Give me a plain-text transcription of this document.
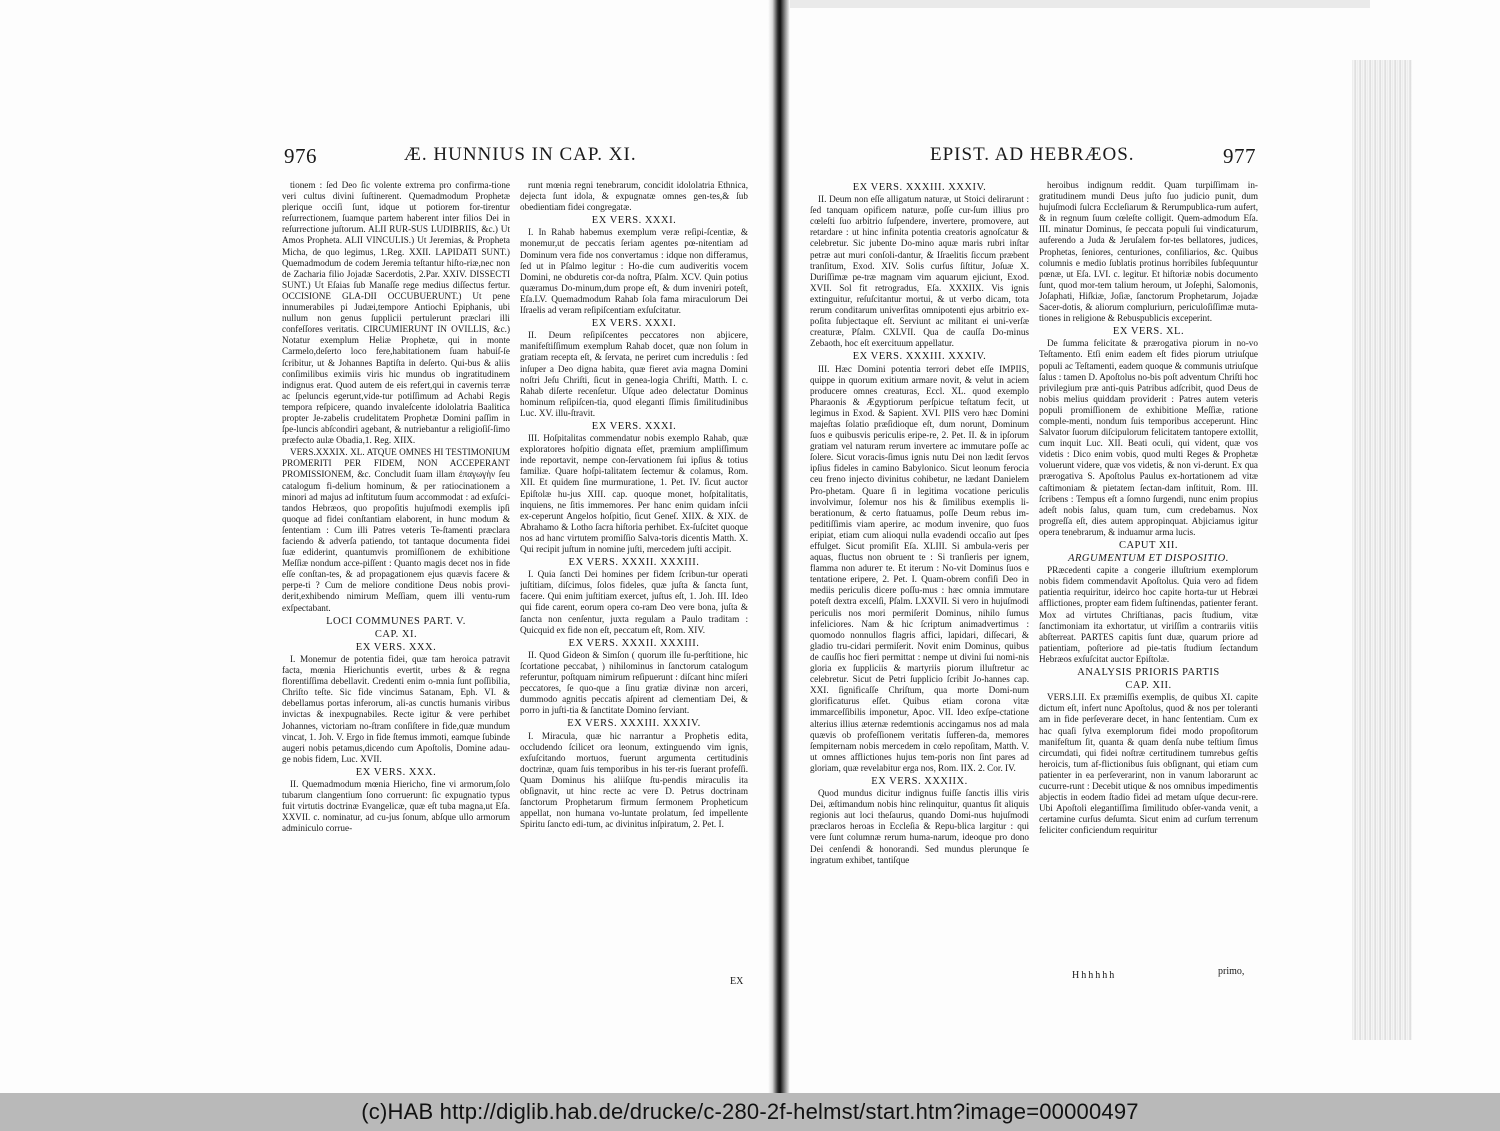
976	Æ. HUNNIUS IN CAP. XI.

tionem : ſed Deo ſic volente extrema pro confirma-tione veri cultus divini ſuſtinerent. Quemadmodum Prophetæ plerique occiſi ſunt, idque ut potiorem for-tirentur reſurrectionem, ſuamque partem haberent inter filios Dei in reſurrectione juſtorum. ALII RUR-SUS LUDIBRIIS, &c.) Ut Amos Propheta. ALII VINCULIS.) Ut Jeremias, & Propheta Micha, de quo legimus, 1.Reg. XXII. LAPIDATI SUNT.) Quemadmodum de codem Jeremia teſtantur hiſto-riæ,nec non de Zacharia filio Jojadæ Sacerdotis, 2.Par. XXIV. DISSECTI SUNT.) Ut Eſaias ſub Manaſſe rege medius diſſectus fertur. OCCISIONE GLA-DII OCCUBUERUNT.) Ut pene innumerabiles pi Judæi,tempore Antiochi Epiphanis, ubi nullum non genus ſupplicii pertulerunt præclari illi confeſſores veritatis. CIRCUMIERUNT IN OVILLIS, &c.) Notatur exemplum Heliæ Prophetæ, qui in monte Carmelo,deſerto loco fere,habitationem ſuam habuiſ-ſe ſcribitur, ut & Johannes Baptiſta in deſerto. Qui-bus & aliis conſimilibus eximiis viris hic mundus ob ingratitudinem indignus erat. Quod autem de eis refert,qui in cavernis terræ ac ſpeluncis egerunt,vide-tur potiſſimum ad Achabi Regis tempora reſpicere, quando invaleſcente idololatria Baalitica propter Je-zabelis crudelitatem Prophetæ Domini paſſim in ſpe-luncis abſcondiri agebant, & nutriebantur a religioſiſ-ſimo præfecto aulæ Obadia,1. Reg. XIIX.

VERS.XXXIX. XL. ATQUE OMNES HI TESTIMONIUM PROMERITI PER FIDEM, NON ACCEPERANT PROMISSIONEM, &c. Concludit ſuam illam ἐπαγωγὴν ſeu catalogum fi-delium hominum, & per ratiocinationem a minori ad majus ad inſtitutum ſuum accommodat : ad exſuſci-tandos Hebræos, quo propoſitis hujuſmodi exemplis ipſi quoque ad fidei conſtantiam elaborent, in hunc modum & ſententiam : Cum illi Patres veteris Te-ſtamenti præclara faciendo & adverſa patiendo, tot tantaque documenta fidei ſuæ ediderint, quantumvis promiſſionem de exhibitione Meſſiæ nondum acce-piſſent : Quanto magis decet nos in fide eſſe conſtan-tes, & ad propagationem ejus quævis facere & perpe-ti ? Cum de meliore conditione Deus nobis provi-derit,exhibendo nimirum Meſſiam, quem illi ventu-rum exſpectabant.

LOCI COMMUNES PART. V.

CAP. XI.

EX VERS. XXX.

I. Monemur de potentia fidei, quæ tam heroica patravit facta, mœnia Hierichuntis evertit, urbes & & regna florentiſſima debellavit. Credenti enim o-mnia ſunt poſſibilia, Chriſto teſte. Sic fide vincimus Satanam, Eph. VI. & debellamus portas inferorum, ali-as cunctis humanis viribus invictas & inexpugnabiles. Recte igitur & vere perhibet Johannes, victoriam no-ſtram conſiſtere in fide,quæ mundum vincat, 1. Joh. V. Ergo in fide ſtemus immoti, eamque ſubinde augeri nobis petamus,dicendo cum Apoſtolis, Domine adau-ge nobis fidem, Luc. XVII.

EX VERS. XXX.

II. Quemadmodum mœnia Hiericho, fine vi armorum,ſolo tubarum clangentium ſono corruerunt: ſic expugnatio typus fuit virtutis doctrinæ Evangelicæ, quæ eſt tuba magna,ut Eſa. XXVII. c. nominatur, ad cu-jus ſonum, abſque ullo armorum adminiculo corrue-

runt mœnia regni tenebrarum, concidit idololatria Ethnica, dejecta ſunt idola, & expugnatæ omnes gen-tes,& ſub obedientiam fidei congregatæ.

EX VERS. XXXI.

I. In Rahab habemus exemplum veræ reſipi-ſcentiæ, & monemur,ut de peccatis ſeriam agentes pœ-nitentiam ad Dominum vera fide nos convertamus : idque non differamus, ſed ut in Pſalmo legitur : Ho-die cum audiveritis vocem Domini, ne obduretis cor-da noſtra, Pſalm. XCV. Quin potius quæramus Do-minum,dum prope eſt, & dum inveniri poteſt, Eſa.LV. Quemadmodum Rahab ſola fama miraculorum Dei Iſraelis ad veram reſipiſcentiam exſuſcitatur.

EX VERS. XXXI.

II. Deum reſipiſcentes peccatores non abjicere, manifeſtiſſimum exemplum Rahab docet, quæ non ſolum in gratiam recepta eſt, & ſervata, ne periret cum incredulis : ſed inſuper a Deo digna habita, quæ fieret avia magna Domini noſtri Jeſu Chriſti, ſicut in genea-logia Chriſti, Matth. I. c. Rahab diſerte recenſetur. Uſque adeo delectatur Dominus hominum reſipiſcen-tia, quod eleganti ſſimis ſimilitudinibus Luc. XV. illu-ſtravit.

EX VERS. XXXI.

III. Hoſpitalitas commendatur nobis exemplo Rahab, quæ exploratores hoſpitio dignata eſſet, præmium ampliſſimum inde reportavit, nempe con-ſervationem ſui ipſius & totius familiæ. Quare hoſpi-talitatem ſectemur & colamus, Rom. XII. Et quidem ſine murmuratione, 1. Pet. IV. ſicut auctor Epiſtolæ hu-jus XIII. cap. quoque monet, hoſpitalitatis, inquiens, ne ſitis immemores. Per hanc enim quidam inſcii ex-ceperunt Angelos hoſpitio, ſicut Geneſ. XIIX. & XIX. de Abrahamo & Lotho ſacra hiſtoria perhibet. Ex-ſuſcitet quoque nos ad hanc virtutem promiſſio Salva-toris dicentis Matth. X. Qui recipit juſtum in nomine juſti, mercedem juſti accipit.

EX VERS. XXXII. XXXIII.

I. Quia ſancti Dei homines per fidem ſcribun-tur operati juſtitiam, diſcimus, ſolos fideles, quæ juſta & ſancta ſunt, facere. Qui enim juſtitiam exercet, juſtus eſt, 1. Joh. III. Ideo qui fide carent, eorum opera co-ram Deo vere bona, juſta & ſancta non cenſentur, juxta regulam a Paulo traditam : Quicquid ex fide non eſt, peccatum eſt, Rom. XIV.

EX VERS. XXXII. XXXIII.

II. Quod Gideon & Simſon ( quorum ille ſu-perſtitione, hic ſcortatione peccabat, ) nihilominus in ſanctorum catalogum referuntur, poſtquam nimirum reſipuerunt : diſcant hinc miſeri peccatores, ſe quo-que a ſinu gratiæ divinæ non arceri, dummodo agnitis peccatis aſpirent ad clementiam Dei, & porro in juſti-tia & ſanctitate Domino ſerviant.

EX VERS. XXXIII. XXXIV.

I. Miracula, quæ hic narrantur a Prophetis edita, occludendo ſcilicet ora leonum, extinguendo vim ignis, exſuſcitando mortuos, fuerunt argumenta certitudinis doctrinæ, quam ſuis temporibus in his ter-ris ſuerant profeſſi. Quam Dominus his aliiſque ſtu-pendis miraculis ita obſignavit, ut hinc recte ac vere D. Petrus doctrinam ſanctorum Prophetarum firmum ſermonem Propheticum appellat, non humana vo-luntate prolatum, ſed impellente Spiritu ſancto edi-tum, ac divinitus inſpiratum, 2. Pet. I.

EX
EPIST. AD HEBRÆOS.	977

EX VERS. XXXIII. XXXIV.

II. Deum non eſſe alligatum naturæ, ut Stoici delirarunt : ſed tanquam opificem naturæ, poſſe cur-ſum illius pro cœleſti ſuo arbitrio ſuſpendere, invertere, promovere, aut retardare : ut hinc infinita potentia creatoris agnoſcatur & celebretur. Sic jubente Do-mino aquæ maris rubri inſtar petræ aut muri conſoli-dantur, & Iſraelitis ſiccum præbent tranſitum, Exod. XIV. Solis curſus ſiſtitur, Joſuæ X. Duriſſimæ pe-træ magnam vim aquarum ejiciunt, Exod. XVII. Sol fit retrogradus, Eſa. XXXIIX. Vis ignis extinguitur, reſuſcitantur mortui, & ut verbo dicam, tota rerum conditarum univerſitas omnipotenti ejus arbitrio ex-poſita ſubjectaque eſt. Serviunt ac militant ei uni-verſæ creaturæ, Pſalm. CXLVII. Qua de cauſſa Do-minus Zebaoth, hoc eſt exercituum appellatur.

EX VERS. XXXIII. XXXIV.

III. Hæc Domini potentia terrori debet eſſe IMPIIS, quippe in quorum exitium armare novit, & velut in aciem producere omnes creaturas, Eccl. XL. quod exemplo Pharaonis & Ægyptiorum perſpicue teſtatum fecit, ut legimus in Exod. & Sapient. XVI. PIIS vero hæc Domini majeſtas ſolatio præſidioque eſt, dum norunt, Dominum ſuos e quibusvis periculis eripe-re, 2. Pet. II. & in ipſorum gratiam vel naturam rerum invertere ac immutare poſſe ac ſolere. Sicut voracis-ſimus ignis nutu Dei non lædit ſervos ipſius fideles in camino Babylonico. Sicut leonum ferocia ceu freno injecto divinitus cohibetur, ne lædant Danielem Pro-phetam. Quare ſi in legitima vocatione periculis involvimur, ſolemur nos his & ſimilibus exemplis li-berationum, & certo ſtatuamus, poſſe Deum rebus im-peditiſſimis viam aperire, ac modum invenire, quo ſuos eripiat, etiam cum alioqui nulla evadendi occaſio aut ſpes effulget. Sicut promiſit Eſa. XLIII. Si ambula-veris per aquas, fluctus non obruent te : Si tranſieris per ignem, flamma non adurет te. Et iterum : No-vit Dominus ſuos e tentatione eripere, 2. Pet. I. Quam-obrem confiſi Deo in mediis periculis dicere poſſu-mus : hæc omnia immutare poteſt dextra excelſi, Pſalm. LXXVII. Si vero in hujuſmodi periculis nos mori permiſerit Dominus, nihilo ſumus infeliciores. Nam & hic ſcriptum animadvertimus : quomodo nonnullos flagris affici, lapidari, diſſecari, & gladio tru-cidari permiſerit. Novit enim Dominus, quibus de cauſſis hoc fieri permittat : nempe ut divini ſui nomi-nis gloria ex ſuppliciis & martyriis piorum illuſtretur ac celebretur. Sicut de Petri ſupplicio ſcribit Jo-hannes cap. XXI. ſignificaſſe Chriſtum, qua morte Domi-num glorificaturus eſſet. Quibus etiam corona vitæ immarceſſibilis imponetur, Apoc. VII. Ideo exſpe-ctatione alterius illius æternæ redemtionis accingamus nos ad mala quævis ob profeſſionem veritatis ſufferen-da, memores ſempiternam nobis mercedem in cœlo repoſitam, Matth. V. ut omnes afflictiones hujus tem-poris non ſint pares ad gloriam, quæ revelabitur erga nos, Rom. IIX. 2. Cor. IV.

EX VERS. XXXIIX.

Quod mundus dicitur indignus fuiſſe ſanctis illis viris Dei, æſtimandum nobis hinc relinquitur, quantus ſit aliquis regionis aut loci theſaurus, quando Domi-nus hujuſmodi præclaros heroas in Eccleſia & Repu-blica largitur : qui vere ſunt columnæ rerum huma-narum, ideoque pro dono Dei cenſendi & honorandi. Sed mundus plerunque ſe ingratum exhibet, tantiſque

heroibus indignum reddit. Quam turpiſſimam in-gratitudinem mundi Deus juſto ſuo judicio punit, dum hujuſmodi ſulcra Eccleſiarum & Rerumpublica-rum aufert, & in regnum ſuum cœleſte colligit. Quem-admodum Eſa. III. minatur Dominus, ſe peccata populi ſui vindicaturum, auferendo a Juda & Jeruſalem for-tes bellatores, judices, Prophetas, ſeniores, centuriones, conſiliarios, &c. Quibus columnis e medio ſublatis protinus horribiles ſubſequuntur pœnæ, ut Eſa. LVI. c. legitur. Et hiſtoriæ nobis documento ſunt, quod mor-tem talium heroum, ut Joſephi, Salomonis, Joſaphati, Hiſkiæ, Joſiæ, ſanctorum Prophetarum, Jojadæ Sacer-dotis, & aliorum compluriurn, periculoſiſſimæ muta-tiones in religione & Rebuspublicis exceperint.

EX VERS. XL.

De ſumma felicitate & prærogativa piorum in no-vo Teſtamento. Etſi enim eadem eſt fides piorum utriuſque populi ac Teſtamenti, eadem quoque & communis utriuſque ſalus : tamen D. Apoſtolus no-bis poſt adventum Chriſti hoc privilegium præ anti-quis Patribus adſcribit, quod Deus de nobis melius quiddam providerit : Patres autem veteris populi promiſſionem de exhibitione Meſſiæ, ratione comple-menti, nondum ſuis temporibus acceperunt. Hinc Salvator ſuorum diſcipulorum felicitatem tantopere extollit, cum inquit Luc. XII. Beati oculi, qui vident, quæ vos videtis : Dico enim vobis, quod multi Reges & Prophetæ voluerunt videre, quæ vos videtis, & non vi-derunt. Ex qua prærogativa S. Apoſtolus Paulus ex-hortationem ad vitæ caſtimoniam & pietatem ſectan-dam inſtituit, Rom. III. ſcribens : Tempus eſt a ſomno ſurgendi, nunc enim propius adeſt nobis ſalus, quam tum, cum credebamus. Nox progreſſa eſt, dies autem appropinquat. Abjiciamus igitur opera tenebrarum, & induamur arma lucis.

CAPUT XII.

ARGUMENTUM ET DISPOSITIO.

PRæcedenti capite a congerie illuſtrium exemplorum nobis fidem commendavit Apoſtolus. Quia vero ad fidem patientia requiritur, ideirco hoc capite horta-tur ut Hebræi afflictiones, propter eam fidem ſuſtinendas, patienter ferant. Mox ad virtutes Chriſtianas, pacis ſtudium, vitæ ſanctimoniam ita exhortatur, ut viriſſim a contrariis vitiis abſterreat. PARTES capitis ſunt duæ, quarum priore ad patientiam, poſteriore ad pie-tatis ſtudium ſectandum Hebræos exſuſcitat auctor Epiſtolæ.

ANALYSIS PRIORIS PARTIS

CAP. XII.

VERS.I.II. Ex præmiſſis exemplis, de quibus XI. capite dictum eſt, infert nunc Apoſtolus, quod & nos per toleranti am in fide perſeverare decet, in hanc ſententiam. Cum ex hac quaſi ſylva exemplorum fidei modo propoſitorum manifeſtum ſit, quanta & quam denſa nube teſtium ſimus circumdati, qui fidei noſtræ certitudinem tumrebus geſtis heroicis, tum af-flictionibus ſuis obſignant, qui etiam cum patienter in ea perſeverarint, non in vanum laborarunt ac cucurre-runt : Decebit utique & nos omnibus impedimentis abjectis in eodem ſtadio fidei ad metam uſque decur-rere. Ubi Apoſtoli elegantiſſima ſimilitudo obſer-vanda venit, a certamine curſus deſumta. Sicut enim ad curſum terrenum feliciter conficiendum requiritur

Hhhhhh	primo,
(c)HAB http://diglib.hab.de/drucke/c-280-2f-helmst/start.htm?image=00000497
